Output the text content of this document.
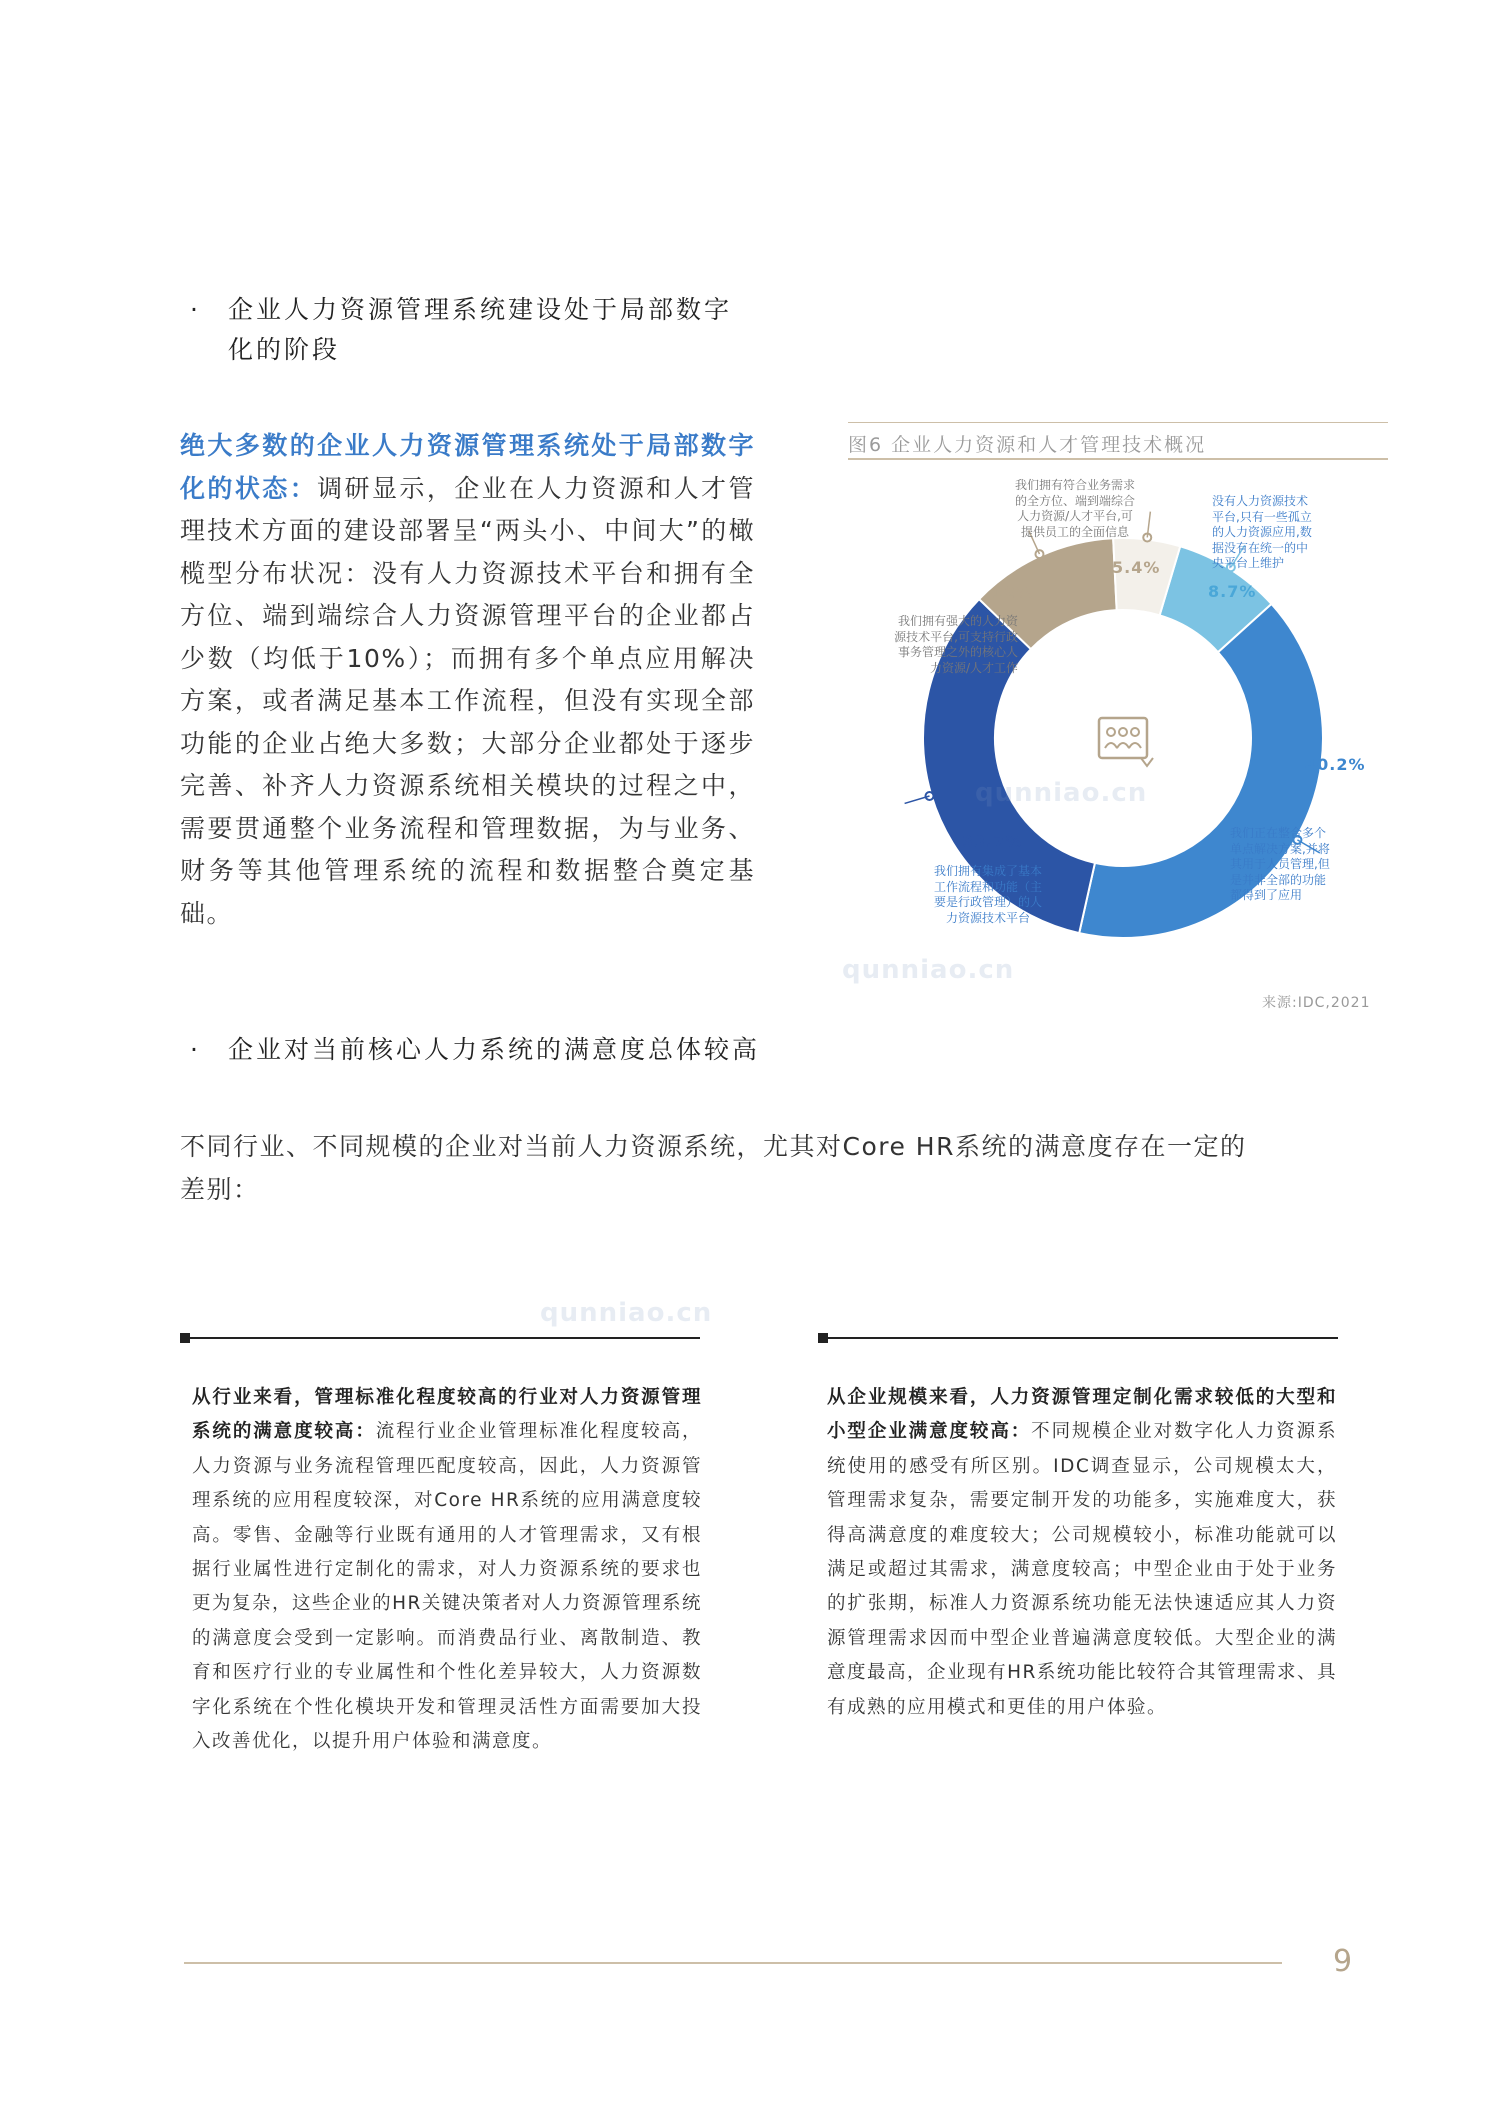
· 企业人力资源管理系统建设处于局部数字
化的阶段
绝大多数的企业人力资源管理系统处于局部数字化的状态：调研显示，企业在人力资源和人才管理技术方面的建设部署呈“两头小、中间大”的橄榄型分布状况：没有人力资源技术平台和拥有全方位、端到端综合人力资源管理平台的企业都占少数（均低于10%）；而拥有多个单点应用解决方案，或者满足基本工作流程，但没有实现全部功能的企业占绝大多数；大部分企业都处于逐步完善、补齐人力资源系统相关模块的过程之中，需要贯通整个业务流程和管理数据，为与业务、财务等其他管理系统的流程和数据整合奠定基础。
图6 企业人力资源和人才管理技术概况
5.4%
8.7%
12%
40.2%
33.7%
我们拥有符合业务需求
的全方位、端到端综合
人力资源/人才平台,可
提供员工的全面信息
没有人力资源技术
平台,只有一些孤立
的人力资源应用,数
据没有在统一的中
央平台上维护
我们拥有强大的人力资
源技术平台,可支持行政
事务管理之外的核心人
力资源/人才工作
我们正在整合多个
单点解决方案,并将
其用于人员管理,但
是并非全部的功能
都得到了应用
我们拥有集成了基本
工作流程和功能（主
要是行政管理）的人
力资源技术平台
来源:IDC,2021
·	企业对当前核心人力系统的满意度总体较高
不同行业、不同规模的企业对当前人力资源系统，尤其对Core HR系统的满意度存在一定的
差别：
从行业来看，管理标准化程度较高的行业对人力资源管理系统的满意度较高：流程行业企业管理标准化程度较高，人力资源与业务流程管理匹配度较高，因此，人力资源管理系统的应用程度较深，对Core HR系统的应用满意度较高。零售、金融等行业既有通用的人才管理需求，又有根据行业属性进行定制化的需求，对人力资源系统的要求也更为复杂，这些企业的HR关键决策者对人力资源管理系统的满意度会受到一定影响。而消费品行业、离散制造、教育和医疗行业的专业属性和个性化差异较大，人力资源数字化系统在个性化模块开发和管理灵活性方面需要加大投入改善优化，以提升用户体验和满意度。
从企业规模来看，人力资源管理定制化需求较低的大型和小型企业满意度较高：不同规模企业对数字化人力资源系统使用的感受有所区别。IDC调查显示，公司规模太大，管理需求复杂，需要定制开发的功能多，实施难度大，获得高满意度的难度较大；公司规模较小，标准功能就可以满足或超过其需求，满意度较高；中型企业由于处于业务的扩张期，标准人力资源系统功能无法快速适应其人力资源管理需求因而中型企业普遍满意度较低。大型企业的满意度最高，企业现有HR系统功能比较符合其管理需求、具有成熟的应用模式和更佳的用户体验。
qunniao.cn
qunniao.cn
qunniao.cn
9
